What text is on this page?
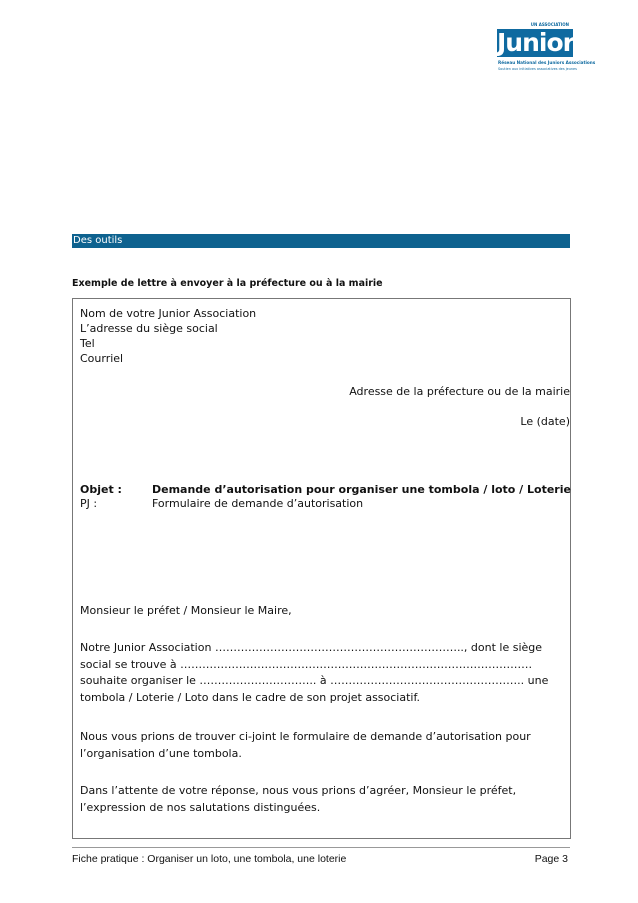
UN ASSOCIATION
Junior
Réseau National des Juniors Associations
Soutien aux initiatives associatives des jeunes
Des outils
Exemple de lettre à envoyer à la préfecture ou à la mairie
Nom de votre Junior Association
L’adresse du siège social
Tel
Courriel
Adresse de la préfecture ou de la mairie
Le (date)
Objet :	Demande d’autorisation pour organiser une tombola / loto / Loterie
PJ :	Formulaire de demande d’autorisation
Monsieur le préfet / Monsieur le Maire,
Notre Junior Association ………………………………………………………….., dont le siège social se trouve à …………………………………………………………………………………… souhaite organiser le ………………………….. à …………………………………………….. une tombola / Loterie / Loto dans le cadre de son projet associatif.
Nous vous prions de trouver ci-joint le formulaire de demande d’autorisation pour l’organisation d’une tombola.
Dans l’attente de votre réponse, nous vous prions d’agréer, Monsieur le préfet, l’expression de nos salutations distinguées.
Fiche pratique : Organiser un loto, une tombola, une loterie	Page 3
